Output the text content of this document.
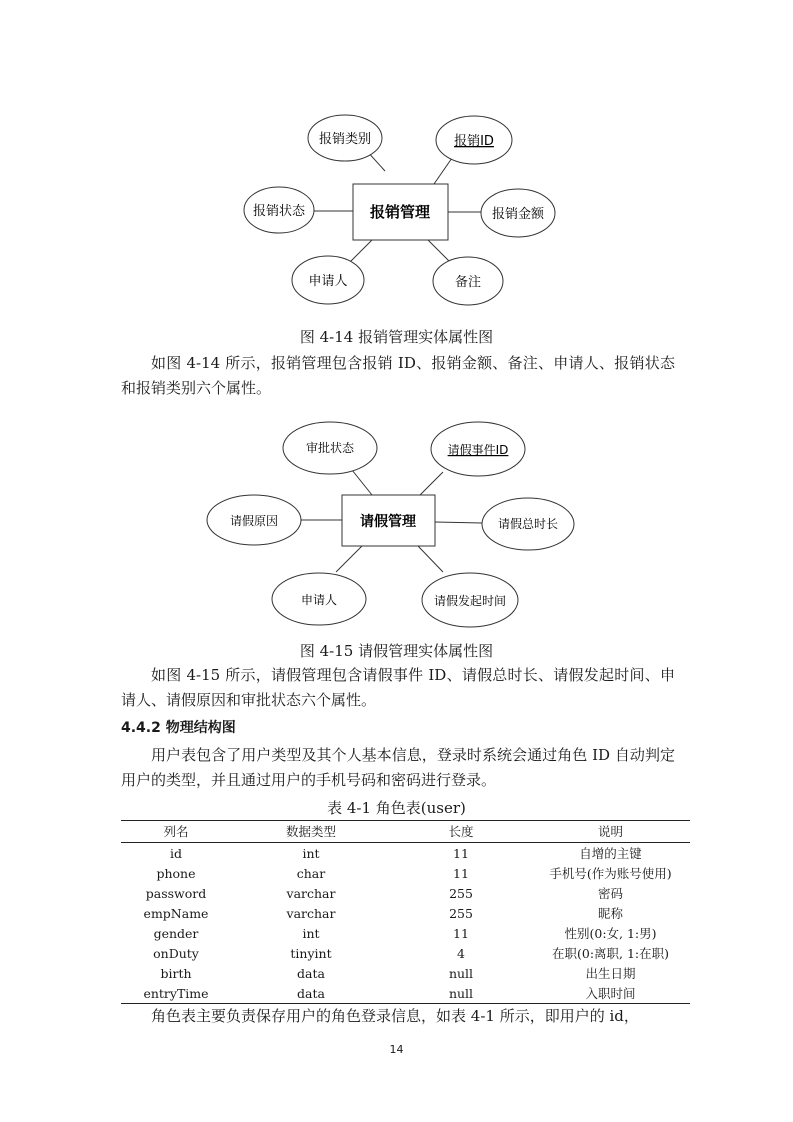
报销管理
报销类别	报销ID
报销状态	报销金额
申请人	备注
图 4-14 报销管理实体属性图
如图 4-14 所示，报销管理包含报销 ID、报销金额、备注、申请人、报销状态和报销类别六个属性。
请假管理
审批状态	请假事件ID
请假原因	请假总时长
申请人	请假发起时间
图 4-15 请假管理实体属性图
如图 4-15 所示，请假管理包含请假事件 ID、请假总时长、请假发起时间、申请人、请假原因和审批状态六个属性。
4.4.2 物理结构图
用户表包含了用户类型及其个人基本信息，登录时系统会通过角色 ID 自动判定用户的类型，并且通过用户的手机号码和密码进行登录。
表 4-1 角色表(user)
列名	数据类型	长度	说明
id	int	11	自增的主键
phone	char	11	手机号(作为账号使用)
password	varchar	255	密码
empName	varchar	255	昵称
gender	int	11	性别(0:女, 1:男)
onDuty	tinyint	4	在职(0:离职, 1:在职)
birth	data	null	出生日期
entryTime	data	null	入职时间
角色表主要负责保存用户的角色登录信息，如表 4-1 所示，即用户的 id，
14
